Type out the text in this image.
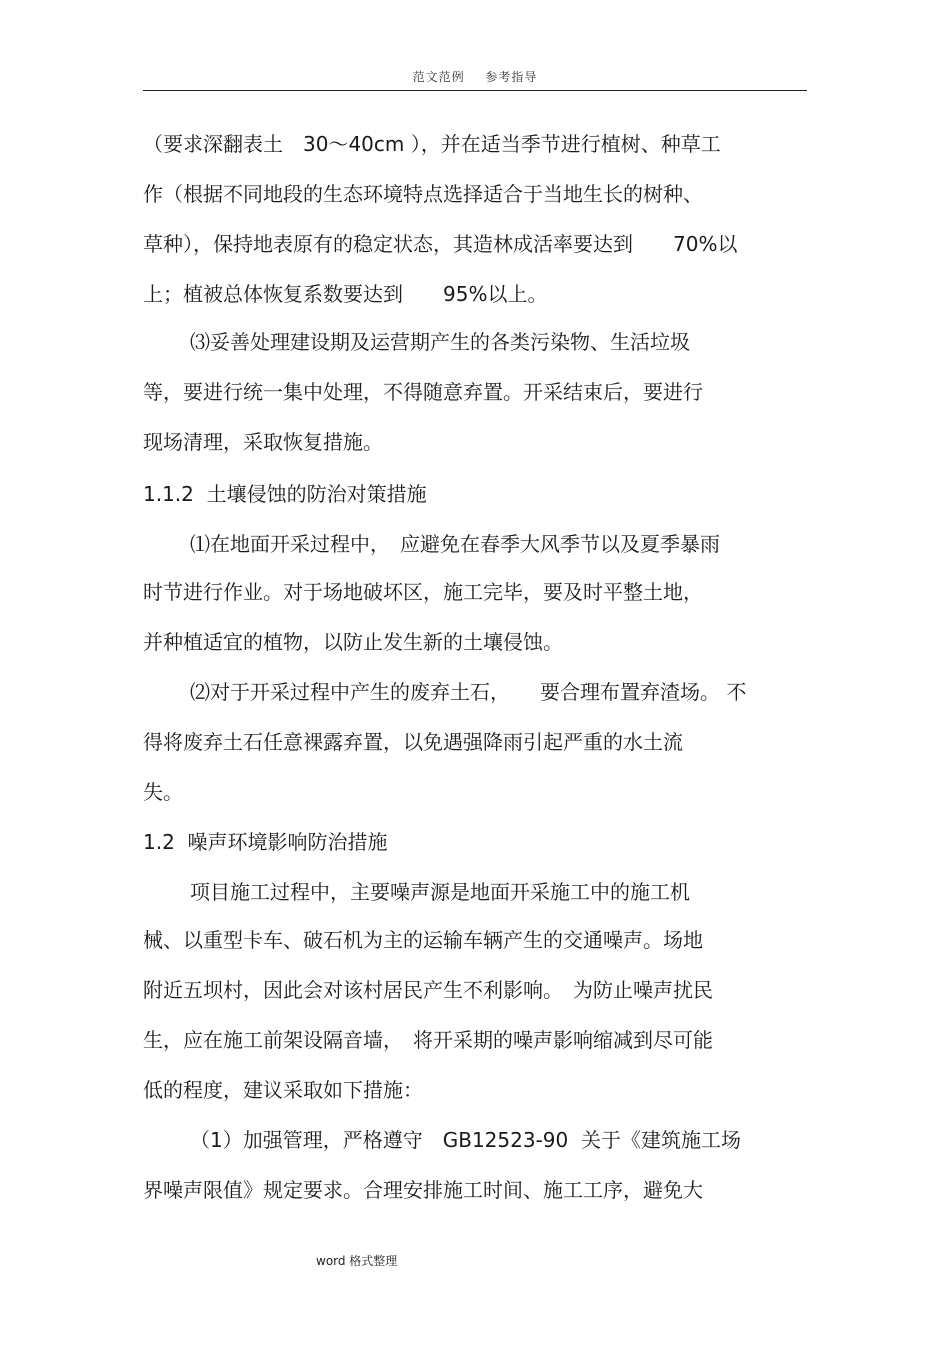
范文范例 参考指导
（要求深翻表土　30～40cm ），并在适当季节进行植树、种草工
作（根据不同地段的生态环境特点选择适合于当地生长的树种、
草种），保持地表原有的稳定状态，其造林成活率要达到　　70%以
上；植被总体恢复系数要达到　　95%以上。
⑶妥善处理建设期及运营期产生的各类污染物、生活垃圾
等，要进行统一集中处理，不得随意弃置。开采结束后，要进行
现场清理，采取恢复措施。
1.1.2  土壤侵蚀的防治对策措施
⑴在地面开采过程中，　应避免在春季大风季节以及夏季暴雨
时节进行作业。对于场地破坏区，施工完毕，要及时平整土地，
并种植适宜的植物，以防止发生新的土壤侵蚀。
⑵对于开采过程中产生的废弃土石，　　要合理布置弃渣场。 不
得将废弃土石任意裸露弃置，以免遇强降雨引起严重的水土流
失。
1.2  噪声环境影响防治措施
项目施工过程中，主要噪声源是地面开采施工中的施工机
械、以重型卡车、破石机为主的运输车辆产生的交通噪声。场地
附近五坝村，因此会对该村居民产生不利影响。　为防止噪声扰民
生，应在施工前架设隔音墙，　将开采期的噪声影响缩减到尽可能
低的程度，建议采取如下措施：
（1）加强管理，严格遵守　GB12523-90  关于《建筑施工场
界噪声限值》规定要求。合理安排施工时间、施工工序，避免大
word 格式整理
